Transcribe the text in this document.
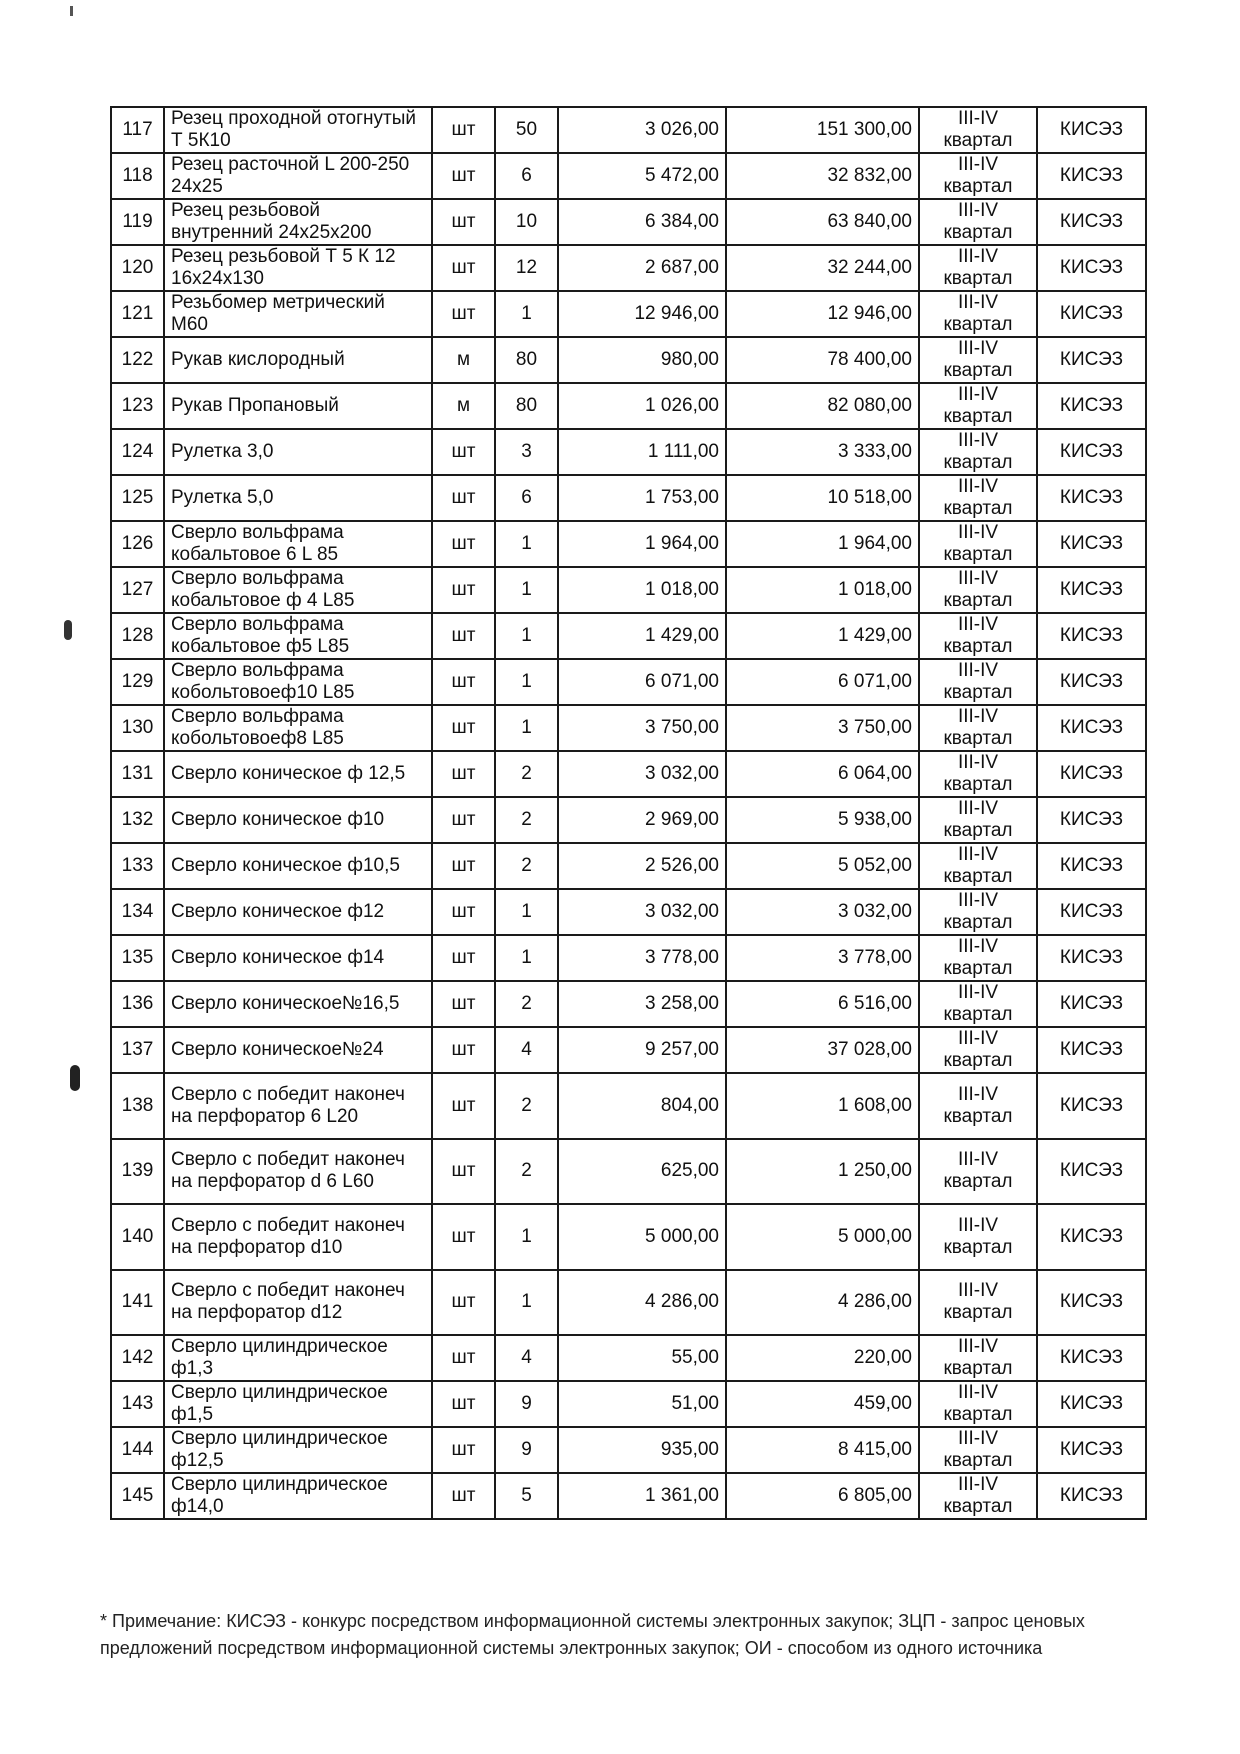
117	Резец проходной отогнутый Т 5К10	шт	50	3 026,00	151 300,00	III-IV квартал	КИСЭЗ
118	Резец расточной L 200-250 24х25	шт	6	5 472,00	32 832,00	III-IV квартал	КИСЭЗ
119	Резец резьбовой внутренний 24х25х200	шт	10	6 384,00	63 840,00	III-IV квартал	КИСЭЗ
120	Резец резьбовой Т 5 К 12 16х24х130	шт	12	2 687,00	32 244,00	III-IV квартал	КИСЭЗ
121	Резьбомер метрический М60	шт	1	12 946,00	12 946,00	III-IV квартал	КИСЭЗ
122	Рукав кислородный	м	80	980,00	78 400,00	III-IV квартал	КИСЭЗ
123	Рукав Пропановый	м	80	1 026,00	82 080,00	III-IV квартал	КИСЭЗ
124	Рулетка 3,0	шт	3	1 111,00	3 333,00	III-IV квартал	КИСЭЗ
125	Рулетка 5,0	шт	6	1 753,00	10 518,00	III-IV квартал	КИСЭЗ
126	Сверло вольфрама кобальтовое 6 L 85	шт	1	1 964,00	1 964,00	III-IV квартал	КИСЭЗ
127	Сверло вольфрама кобальтовое ф 4 L85	шт	1	1 018,00	1 018,00	III-IV квартал	КИСЭЗ
128	Сверло вольфрама кобальтовое ф5 L85	шт	1	1 429,00	1 429,00	III-IV квартал	КИСЭЗ
129	Сверло вольфрама кобольтовоеф10 L85	шт	1	6 071,00	6 071,00	III-IV квартал	КИСЭЗ
130	Сверло вольфрама кобольтовоеф8 L85	шт	1	3 750,00	3 750,00	III-IV квартал	КИСЭЗ
131	Сверло коническое ф 12,5	шт	2	3 032,00	6 064,00	III-IV квартал	КИСЭЗ
132	Сверло коническое ф10	шт	2	2 969,00	5 938,00	III-IV квартал	КИСЭЗ
133	Сверло коническое ф10,5	шт	2	2 526,00	5 052,00	III-IV квартал	КИСЭЗ
134	Сверло коническое ф12	шт	1	3 032,00	3 032,00	III-IV квартал	КИСЭЗ
135	Сверло коническое ф14	шт	1	3 778,00	3 778,00	III-IV квартал	КИСЭЗ
136	Сверло коническое№16,5	шт	2	3 258,00	6 516,00	III-IV квартал	КИСЭЗ
137	Сверло коническое№24	шт	4	9 257,00	37 028,00	III-IV квартал	КИСЭЗ
138	Сверло с победит наконеч на перфоратор 6 L20	шт	2	804,00	1 608,00	III-IV квартал	КИСЭЗ
139	Сверло с победит наконеч на перфоратор d 6 L60	шт	2	625,00	1 250,00	III-IV квартал	КИСЭЗ
140	Сверло с победит наконеч на перфоратор d10	шт	1	5 000,00	5 000,00	III-IV квартал	КИСЭЗ
141	Сверло с победит наконеч на перфоратор d12	шт	1	4 286,00	4 286,00	III-IV квартал	КИСЭЗ
142	Сверло цилиндрическое ф1,3	шт	4	55,00	220,00	III-IV квартал	КИСЭЗ
143	Сверло цилиндрическое ф1,5	шт	9	51,00	459,00	III-IV квартал	КИСЭЗ
144	Сверло цилиндрическое ф12,5	шт	9	935,00	8 415,00	III-IV квартал	КИСЭЗ
145	Сверло цилиндрическое ф14,0	шт	5	1 361,00	6 805,00	III-IV квартал	КИСЭЗ
* Примечание: КИСЭЗ - конкурс посредством информационной системы электронных закупок; ЗЦП - запрос ценовых предложений посредством информационной системы электронных закупок; ОИ - способом из одного источника
